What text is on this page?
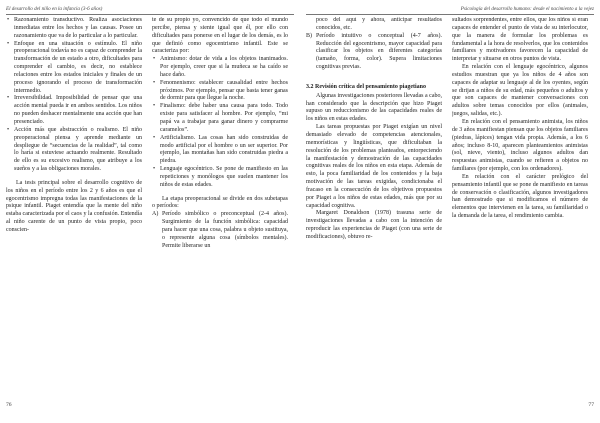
El desarrollo del niño en la infancia (3-6 años)
• Razonamiento transductivo. Realiza asociaciones inmediatas entre los hechos y las causas. Posee un razonamiento que va de lo particular a lo particular.
• Enfoque en una situación o estímulo. El niño preoperacional todavía no es capaz de comprender la transformación de un estado a otro, dificultades para comprender el cambio, es decir, no establece relaciones entre los estados iniciales y finales de un proceso ignorando el proceso de transformación intermedio.
• Irreversibilidad. Imposibilidad de pensar que una acción mental pueda ir en ambos sentidos. Los niños no pueden deshacer mentalmente una acción que han presenciado.
• Acción más que abstracción o realismo. El niño preoperacional piensa y aprende mediante un despliegue de “secuencias de la realidad”, tal como lo haría si estuviese actuando realmente. Resultado de ello es su excesivo realismo, que atribuye a los sueños y a las obligaciones morales.

La tesis principal sobre el desarrollo cognitivo de los niños en el período entre los 2 y 6 años es que el egocentrismo impregna todas las manifestaciones de la psique infantil. Piaget entendía que la mente del niño estaba caracterizada por el caos y la confusión. Entendía al niño carente de un punto de vista propio, poco conscien-

te de su propio yo, convencido de que todo el mundo percibe, piensa y siente igual que él, por ello con dificultades para ponerse en el lugar de los demás, es lo que definió como egocentrismo infantil. Este se caracteriza por:

• Animismo: dotar de vida a los objetos inanimados. Por ejemplo, creer que si la muñeca se ha caído se hace daño.
• Fenomenismo: establecer causalidad entre hechos próximos. Por ejemplo, pensar que basta tener ganas de dormir para que llegue la noche.
• Finalismo: debe haber una causa para todo. Todo existe para satisfacer al hombre. Por ejemplo, “mi papá va a trabajar para ganar dinero y comprarme caramelos”.
• Artificialismo. Las cosas han sido construidas de modo artificial por el hombre o un ser superior. Por ejemplo, las montañas han sido construidas piedra a piedra.
• Lenguaje egocéntrico. Se pone de manifiesto en las repeticiones y monólogos que suelen mantener los niños de estas edades.

La etapa preoperacional se divide en dos subetapas o períodos:

A) Período simbólico o preconceptual (2-4 años). Surgimiento de la función simbólica: capacidad para hacer que una cosa, palabra u objeto sustituya, o represente alguna cosa (símbolos mentales). Permite liberarse un
76
Psicología del desarrollo humano: desde el nacimiento a la vejez
poco del aquí y ahora, anticipar resultados conocidos, etc.
B) Período intuitivo o conceptual (4-7 años). Reducción del egocentrismo, mayor capacidad para clasificar los objetos en diferentes categorías (tamaño, forma, color). Supera limitaciones cognitivas previas.

3.2 Revisión crítica del pensamiento piagetiano

Algunas investigaciones posteriores llevadas a cabo, han considerado que la descripción que hizo Piaget supuso un reduccionismo de las capacidades reales de los niños en estas edades.

Las tareas propuestas por Piaget exigían un nivel demasiado elevado de competencias atencionales, memorísticas y lingüísticas, que dificultaban la resolución de los problemas planteados, entorpeciendo la manifestación y demostración de las capacidades cognitivas reales de los niños en esta etapa. Además de esto, la poca familiaridad de los contenidos y la baja motivación de las tareas exigidas, condicionaba el fracaso en la consecución de los objetivos propuestos por Piaget a los niños de estas edades, más que por su capacidad cognitiva.

Margaret Donaldson (1978) trasuna serie de investigaciones llevadas a cabo con la intención de reproducir las experiencias de Piaget (con una serie de modificaciones), obtuvo re-

sultados sorprendentes, entre ellos, que los niños sí eran capaces de entender el punto de vista de su interlocutor, que la manera de formular los problemas es fundamental a la hora de resolverlos, que los contenidos familiares y motivadores favorecen la capacidad de interpretar y situarse en otros puntos de vista.

En relación con el lenguaje egocéntrico, algunos estudios muestran que ya los niños de 4 años son capaces de adaptar su lenguaje al de los oyentes, según se dirijan a niños de su edad, más pequeños o adultos y que son capaces de mantener conversaciones con adultos sobre temas conocidos por ellos (animales, juegos, salidas, etc.).

En relación con el pensamiento animista, los niños de 3 años manifiestan piensan que los objetos familiares (piedras, lápices) tengan vida propia. Además, a los 6 años; incluso 8-10, aparecen planteamientos animistas (sol, nieve, viento), incluso algunos adultos dan respuestas animistas, cuando se refieren a objetos no familiares (por ejemplo, con los ordenadores).

En relación con el carácter prelógico del pensamiento infantil que se pone de manifiesto en tareas de conservación o clasificación, algunos investigadores han demostrado que si modificamos el número de elementos que intervienen en la tarea, su familiaridad o la demanda de la tarea, el rendimiento cambia.

77
